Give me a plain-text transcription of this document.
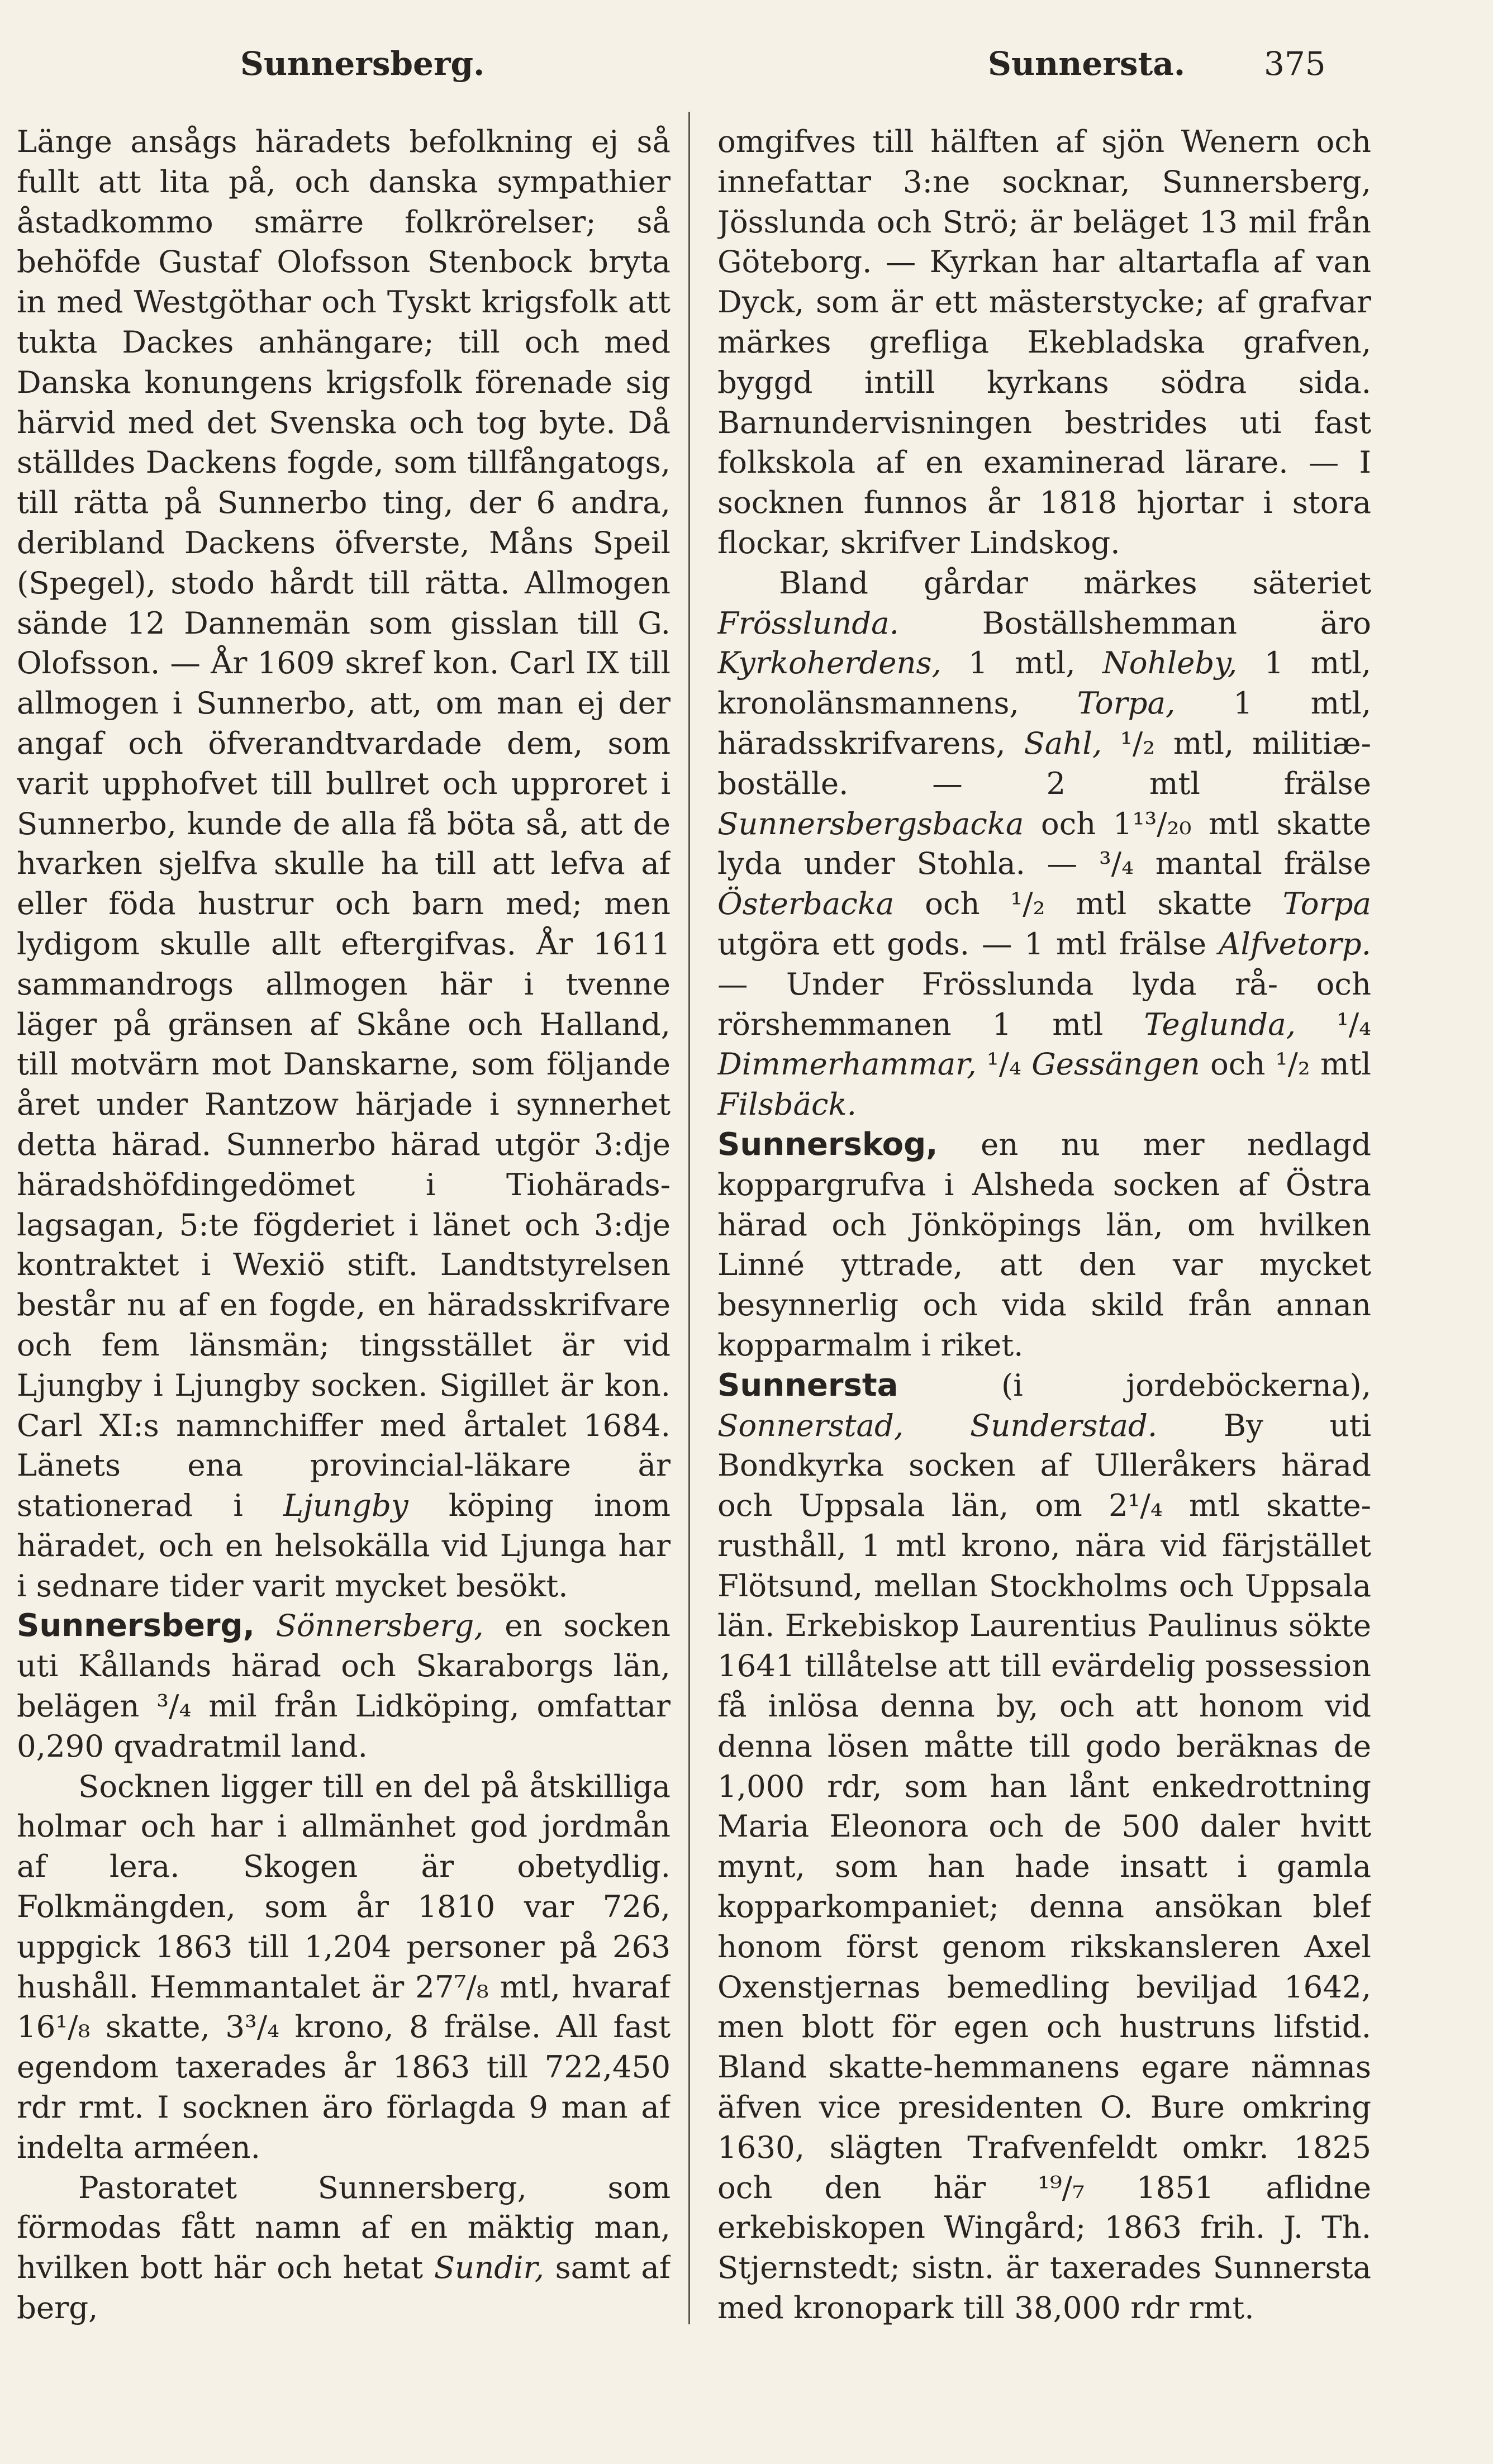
Sunnersberg.	Sunnersta. 375

Länge ansågs häradets befolkning ej så fullt att lita på, och danska sympathier åstadkommo smärre folkrörelser; så behöfde Gustaf Olofsson Stenbock bryta in med Westgöthar och Tyskt krigsfolk att tukta Dackes anhängare; till och med Danska konungens krigsfolk förenade sig härvid med det Svenska och tog byte. Då ställdes Dackens fogde, som tillfångatogs, till rätta på Sunnerbo ting, der 6 andra, deribland Dackens öfverste, Måns Speil (Spegel), stodo hårdt till rätta. Allmogen sände 12 Dannemän som gisslan till G. Olofsson. — År 1609 skref kon. Carl IX till allmogen i Sunnerbo, att, om man ej der angaf och öfverandtvardade dem, som varit upphofvet till bullret och upproret i Sunnerbo, kunde de alla få böta så, att de hvarken sjelfva skulle ha till att lefva af eller föda hustrur och barn med; men lydigom skulle allt eftergifvas. År 1611 sammandrogs allmogen här i tvenne läger på gränsen af Skåne och Halland, till motvärn mot Danskarne, som följande året under Rantzow härjade i synnerhet detta härad. Sunnerbo härad utgör 3:dje häradshöfdingedömet i Tiohärads-lagsagan, 5:te fögderiet i länet och 3:dje kontraktet i Wexiö stift. Landtstyrelsen består nu af en fogde, en häradsskrifvare och fem länsmän; tingsstället är vid Ljungby i Ljungby socken. Sigillet är kon. Carl XI:s namnchiffer med årtalet 1684. Länets ena provincial-läkare är stationerad i Ljungby köping inom häradet, och en helsokälla vid Ljunga har i sednare tider varit mycket besökt.

Sunnersberg, Sönnersberg, en socken uti Kållands härad och Skaraborgs län, belägen ³/₄ mil från Lidköping, omfattar 0,290 qvadratmil land.

Socknen ligger till en del på åtskilliga holmar och har i allmänhet god jordmån af lera. Skogen är obetydlig. Folkmängden, som år 1810 var 726, uppgick 1863 till 1,204 personer på 263 hushåll. Hemmantalet är 27⁷/₈ mtl, hvaraf 16¹/₈ skatte, 3³/₄ krono, 8 frälse. All fast egendom taxerades år 1863 till 722,450 rdr rmt. I socknen äro förlagda 9 man af indelta arméen.

Pastoratet Sunnersberg, som förmodas fått namn af en mäktig man, hvilken bott här och hetat Sundir, samt af berg,

omgifves till hälften af sjön Wenern och innefattar 3:ne socknar, Sunnersberg, Jösslunda och Strö; är beläget 13 mil från Göteborg. — Kyrkan har altartafla af van Dyck, som är ett mästerstycke; af grafvar märkes grefliga Ekebladska grafven, byggd intill kyrkans södra sida. Barnundervisningen bestrides uti fast folkskola af en examinerad lärare. — I socknen funnos år 1818 hjortar i stora flockar, skrifver Lindskog.

Bland gårdar märkes säteriet Frösslunda. Boställshemman äro Kyrkoherdens, 1 mtl, Nohleby, 1 mtl, kronolänsmannens, Torpa, 1 mtl, häradsskrifvarens, Sahl, ¹/₂ mtl, militiæ-boställe. — 2 mtl frälse Sunnersbergsbacka och 1¹³/₂₀ mtl skatte lyda under Stohla. — ³/₄ mantal frälse Österbacka och ¹/₂ mtl skatte Torpa utgöra ett gods. — 1 mtl frälse Alfvetorp. — Under Frösslunda lyda rå- och rörshemmanen 1 mtl Teglunda, ¹/₄ Dimmerhammar, ¹/₄ Gessängen och ¹/₂ mtl Filsbäck.

Sunnerskog, en nu mer nedlagd koppargrufva i Alsheda socken af Östra härad och Jönköpings län, om hvilken Linné yttrade, att den var mycket besynnerlig och vida skild från annan kopparmalm i riket.

Sunnersta (i jordeböckerna), Sonnerstad, Sunderstad. By uti Bondkyrka socken af Ulleråkers härad och Uppsala län, om 2¹/₄ mtl skatte-rusthåll, 1 mtl krono, nära vid färjstället Flötsund, mellan Stockholms och Uppsala län. Erkebiskop Laurentius Paulinus sökte 1641 tillåtelse att till evärdelig possession få inlösa denna by, och att honom vid denna lösen måtte till godo beräknas de 1,000 rdr, som han lånt enkedrottning Maria Eleonora och de 500 daler hvitt mynt, som han hade insatt i gamla kopparkompaniet; denna ansökan blef honom först genom rikskansleren Axel Oxenstjernas bemedling beviljad 1642, men blott för egen och hustruns lifstid. Bland skatte-hemmanens egare nämnas äfven vice presidenten O. Bure omkring 1630, slägten Trafvenfeldt omkr. 1825 och den här ¹⁹/₇ 1851 aflidne erkebiskopen Wingård; 1863 frih. J. Th. Stjernstedt; sistn. är taxerades Sunnersta med kronopark till 38,000 rdr rmt.
